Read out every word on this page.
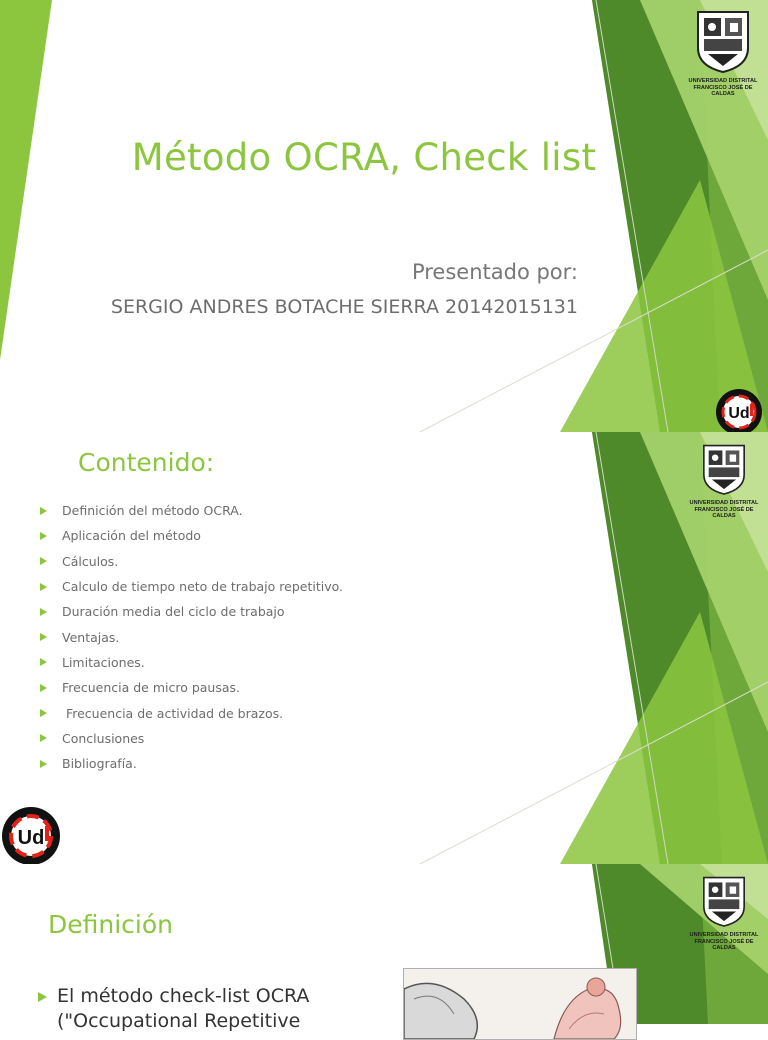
Método OCRA, Check list
Presentado por:
SERGIO ANDRES BOTACHE SIERRA 20142015131
UNIVERSIDAD DISTRITAL
FRANCISCO JOSÉ DE CALDAS
Ud
UNIVERSIDAD DISTRITAL
FRANCISCO JOSÉ DE CALDAS
Ud
Contenido:
Definición del método OCRA.
Aplicación del método
Cálculos.
Calculo de tiempo neto de trabajo repetitivo.
Duración media del ciclo de trabajo
Ventajas.
Limitaciones.
Frecuencia de micro pausas.
Frecuencia de actividad de brazos.
Conclusiones
Bibliografía.
UNIVERSIDAD DISTRITAL
FRANCISCO JOSÉ DE CALDAS
Definición
El método check-list OCRA
("Occupational Repetitive
